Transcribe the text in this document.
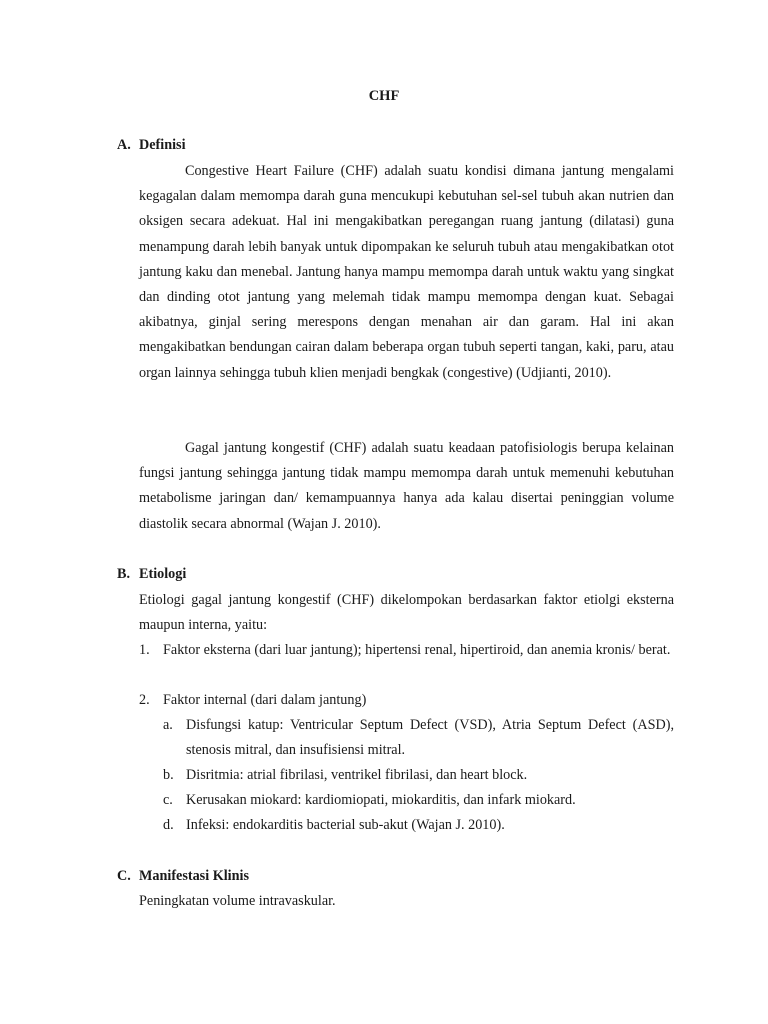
CHF
A. Definisi

Congestive Heart Failure (CHF) adalah suatu kondisi dimana jantung mengalami kegagalan dalam memompa darah guna mencukupi kebutuhan sel-sel tubuh akan nutrien dan oksigen secara adekuat. Hal ini mengakibatkan peregangan ruang jantung (dilatasi) guna menampung darah lebih banyak untuk dipompakan ke seluruh tubuh atau mengakibatkan otot jantung kaku dan menebal. Jantung hanya mampu memompa darah untuk waktu yang singkat dan dinding otot jantung yang melemah tidak mampu memompa dengan kuat. Sebagai akibatnya, ginjal sering merespons dengan menahan air dan garam. Hal ini akan mengakibatkan bendungan cairan dalam beberapa organ tubuh seperti tangan, kaki, paru, atau organ lainnya sehingga tubuh klien menjadi bengkak (congestive) (Udjianti, 2010).

Gagal jantung kongestif (CHF) adalah suatu keadaan patofisiologis berupa kelainan fungsi jantung sehingga jantung tidak mampu memompa darah untuk memenuhi kebutuhan metabolisme jaringan dan/ kemampuannya hanya ada kalau disertai peninggian volume diastolik secara abnormal (Wajan J. 2010).

B. Etiologi

Etiologi gagal jantung kongestif (CHF) dikelompokan berdasarkan faktor etiolgi eksterna maupun interna, yaitu:

1. Faktor eksterna (dari luar jantung); hipertensi renal, hipertiroid, dan anemia kronis/ berat.
2. Faktor internal (dari dalam jantung)
a. Disfungsi katup: Ventricular Septum Defect (VSD), Atria Septum Defect (ASD), stenosis mitral, dan insufisiensi mitral.
b. Disritmia: atrial fibrilasi, ventrikel fibrilasi, dan heart block.
c. Kerusakan miokard: kardiomiopati, miokarditis, dan infark miokard.
d. Infeksi: endokarditis bacterial sub-akut (Wajan J. 2010).
C. Manifestasi Klinis

Peningkatan volume intravaskular.
